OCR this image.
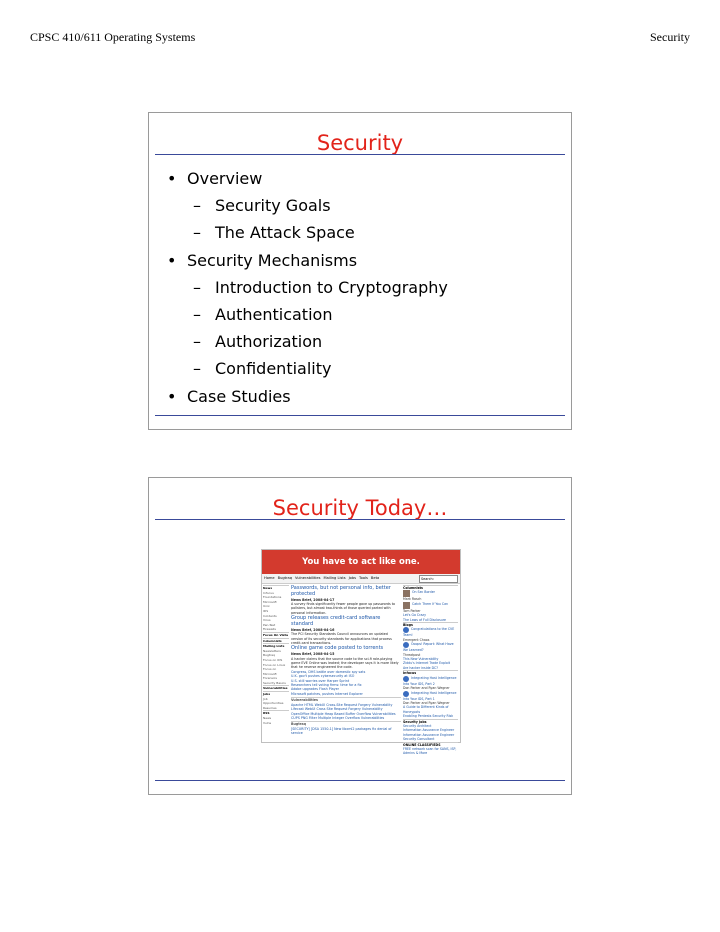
CPSC 410/611 Operating Systems	Security
Security
• Overview
– Security Goals
– The Attack Space
• Security Mechanisms
– Introduction to Cryptography
– Authentication
– Authorization
– Confidentiality
• Case Studies
Security Today…
You have to act like one.
Home Bugtraq Vulnerabilities Mailing Lists Jobs Tools Beta	Search:
News
Infocus
Foundations
Microsoft
Unix
IDS
Incidents
Virus
Pen-Test
Firewalls
Focus On Vista
Columnists
Mailing Lists
Newsletters
Bugtraq
Focus on IDS
Focus on Linux
Focus on Microsoft
Forensics
Security Basics
Vulnerabilities
Jobs
Job Opportunities
Resumes
RSS
News
Vulns
Passwords, but not personal info, better protected
News Brief, 2008-04-17
A survey finds significantly fewer people gave up passwords to pollsters, but almost two-thirds of those queried parted with personal information.
Group releases credit-card software standard
News Brief, 2008-04-16
The PCI Security Standards Council announces an updated version of its security standards for applications that process credit-card transactions.
Online game code posted to torrents
News Brief, 2008-04-15
A hacker claims that the source code to the sci-fi role-playing game EVE Online was leaked; the developer says it is more likely that he reverse engineered the code.
Congress, DHS battle over domestic spy sats
U.K. gov't pushes cybersecurity at ISO
U.S. still worries over Harper Sprint
Researchers tell voting firms: time for a fix
Adobe upgrades Flash Player
Microsoft patches, pushes Internet Explorer
Vulnerabilities
Apache HTML WebUI Cross-Site Request Forgery Vulnerability
Lifecast WebUI Cross Site Request Forgery Vulnerability
OpenOffice Multiple Heap Based Buffer Overflow Vulnerabilities
CUPS PNG Filter Multiple Integer Overflow Vulnerabilities
Bugtraq
[SECURITY] [DSA 1550-1] New libxml2 packages fix denial of service
Columnists
On Sec Border
Mark Rasch
Catch Them If You Can
Tom Parker
Let's Go Crazy
The Laws of Full Disclosure
Blogs
Congratulations to the CVE Team!
Emergent Chaos
Ooops! Report: What Have We Learned?
Threatpost
This New Vulnerability
Ziddu's Internet Trade Exploit
Are hacker inside DC?
Infocus
Integrating Host Intelligence Into Your IDS, Part 2
Don Parker and Ryan Wegner
Integrating Host Intelligence Into Your IDS, Part 1
Don Parker and Ryan Wegner
A Guide to Different Kinds of Honeypots
Enabling Pentests Security Risk
Security Jobs
Security Architect
Information Assurance Engineer
Information Assurance Engineer
Security Consultant
ONLINE CLASSIFIEDS
FREE network scan for SANS, ISP, Admins & More
